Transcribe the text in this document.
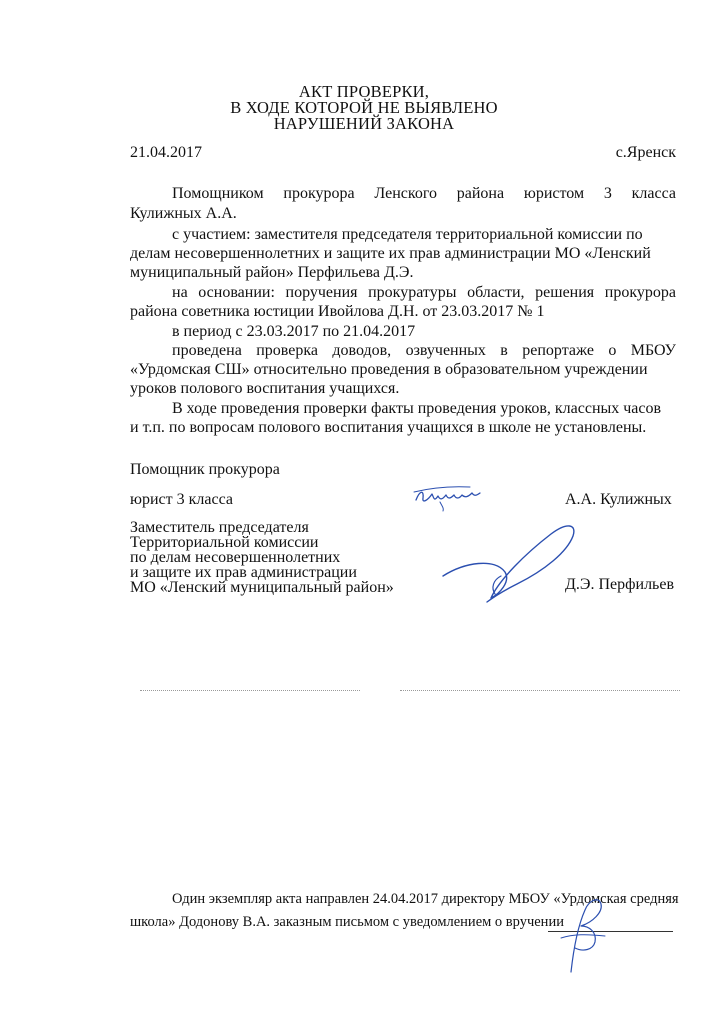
АКТ ПРОВЕРКИ,
В ХОДЕ КОТОРОЙ НЕ ВЫЯВЛЕНО
НАРУШЕНИЙ ЗАКОНА
21.04.2017	с.Яренск
Помощником прокурора Ленского района юристом 3 класса
Кулижных А.А.
с участием: заместителя председателя территориальной комиссии по
делам несовершеннолетних и защите их прав администрации МО «Ленский
муниципальный район» Перфильева Д.Э.
на основании: поручения прокуратуры области, решения прокурора
района советника юстиции Ивойлова Д.Н. от 23.03.2017 № 1
в период с 23.03.2017 по 21.04.2017
проведена проверка доводов, озвученных в репортаже о МБОУ
«Урдомская СШ» относительно проведения в образовательном учреждении
уроков полового воспитания учащихся.
В ходе проведения проверки факты проведения уроков, классных часов
и т.п. по вопросам полового воспитания учащихся в школе не установлены.
Помощник прокурора
юрист 3 класса	А.А. Кулижных
Заместитель председателя
Территориальной комиссии
по делам несовершеннолетних
и защите их прав администрации
МО «Ленский муниципальный район»	Д.Э. Перфильев
Один экземпляр акта направлен 24.04.2017 директору МБОУ «Урдомская средняя
школа» Додонову В.А. заказным письмом с уведомлением о вручении
